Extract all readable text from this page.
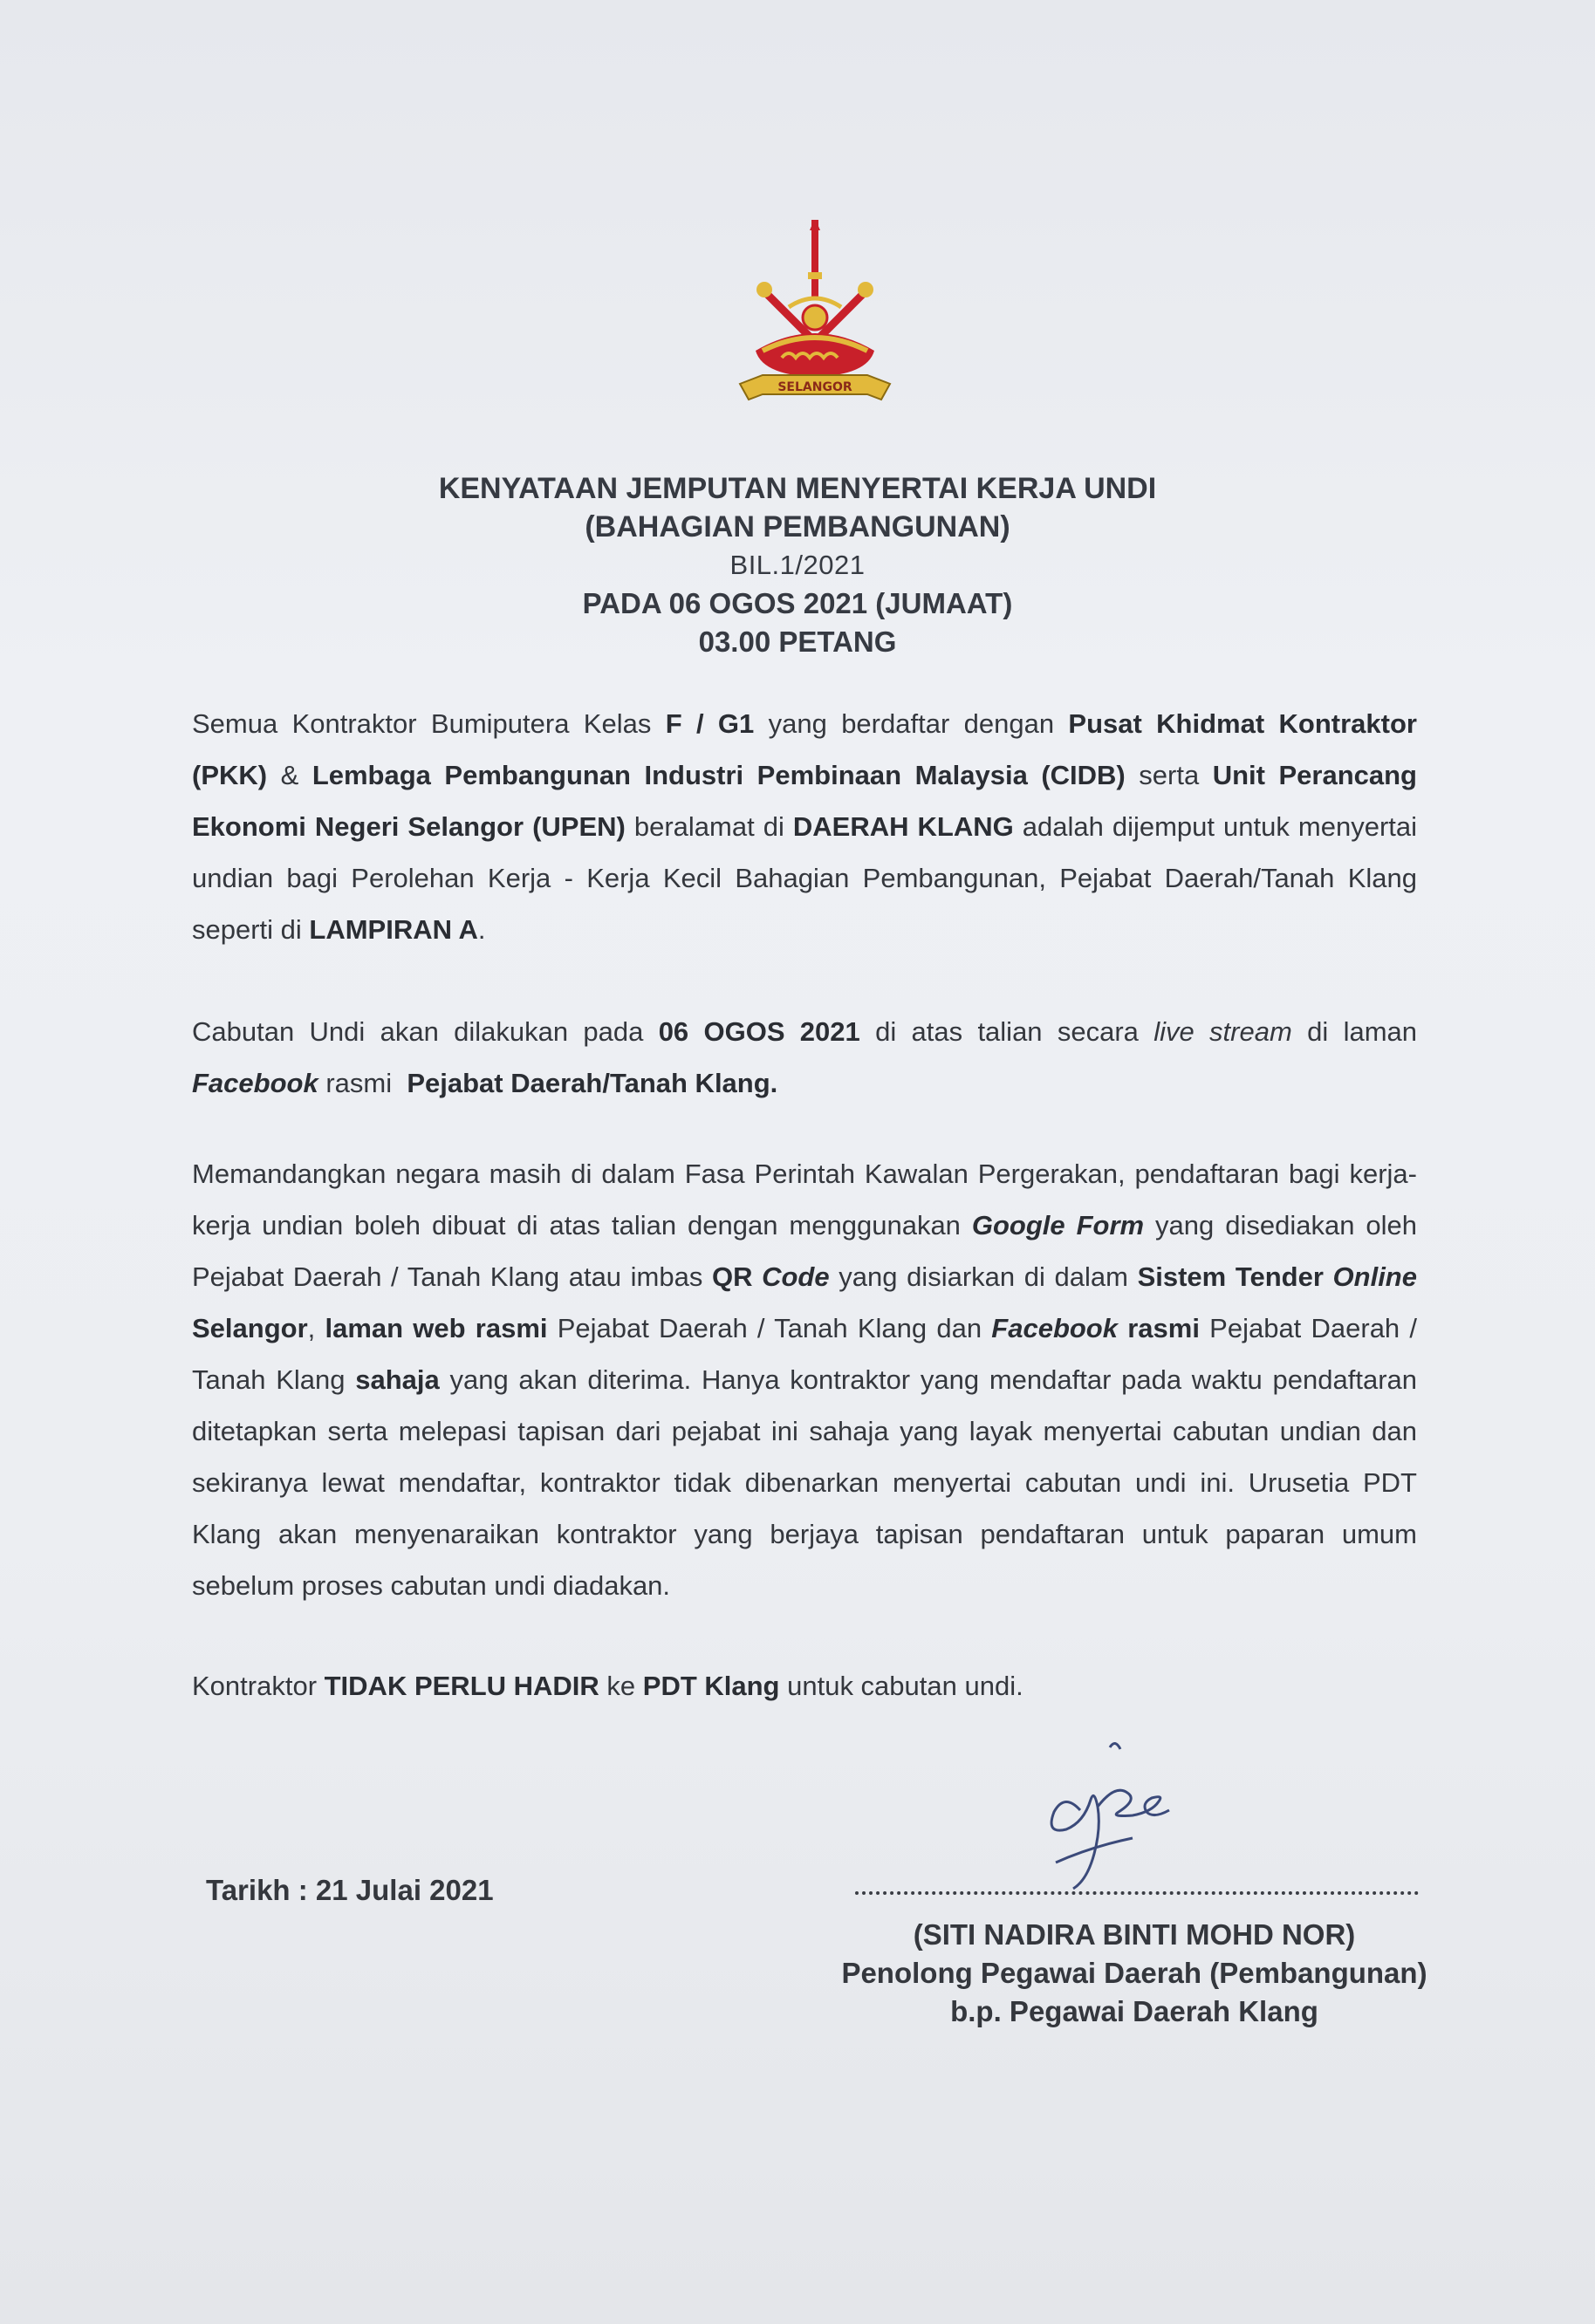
SELANGOR
KENYATAAN JEMPUTAN MENYERTAI KERJA UNDI
(BAHAGIAN PEMBANGUNAN)
BIL.1/2021
PADA 06 OGOS 2021 (JUMAAT)
03.00 PETANG
Semua Kontraktor Bumiputera Kelas F / G1 yang berdaftar dengan Pusat Khidmat Kontraktor (PKK) & Lembaga Pembangunan Industri Pembinaan Malaysia (CIDB) serta Unit Perancang Ekonomi Negeri Selangor (UPEN) beralamat di DAERAH KLANG adalah dijemput untuk menyertai undian bagi Perolehan Kerja - Kerja Kecil Bahagian Pembangunan, Pejabat Daerah/Tanah Klang seperti di LAMPIRAN A.
Cabutan Undi akan dilakukan pada 06 OGOS 2021 di atas talian secara live stream di laman Facebook rasmi  Pejabat Daerah/Tanah Klang.
Memandangkan negara masih di dalam Fasa Perintah Kawalan Pergerakan, pendaftaran bagi kerja-kerja undian boleh dibuat di atas talian dengan menggunakan Google Form yang disediakan oleh Pejabat Daerah / Tanah Klang atau imbas QR Code yang disiarkan di dalam Sistem Tender Online Selangor, laman web rasmi Pejabat Daerah / Tanah Klang dan Facebook rasmi Pejabat Daerah / Tanah Klang sahaja yang akan diterima. Hanya kontraktor yang mendaftar pada waktu pendaftaran ditetapkan serta melepasi tapisan dari pejabat ini sahaja yang layak menyertai cabutan undian dan sekiranya lewat mendaftar, kontraktor tidak dibenarkan menyertai cabutan undi ini. Urusetia PDT Klang akan menyenaraikan kontraktor yang berjaya tapisan pendaftaran untuk paparan umum sebelum proses cabutan undi diadakan.
Kontraktor TIDAK PERLU HADIR ke PDT Klang untuk cabutan undi.
Tarikh : 21 Julai 2021
(SITI NADIRA BINTI MOHD NOR)
Penolong Pegawai Daerah (Pembangunan)
b.p. Pegawai Daerah Klang
